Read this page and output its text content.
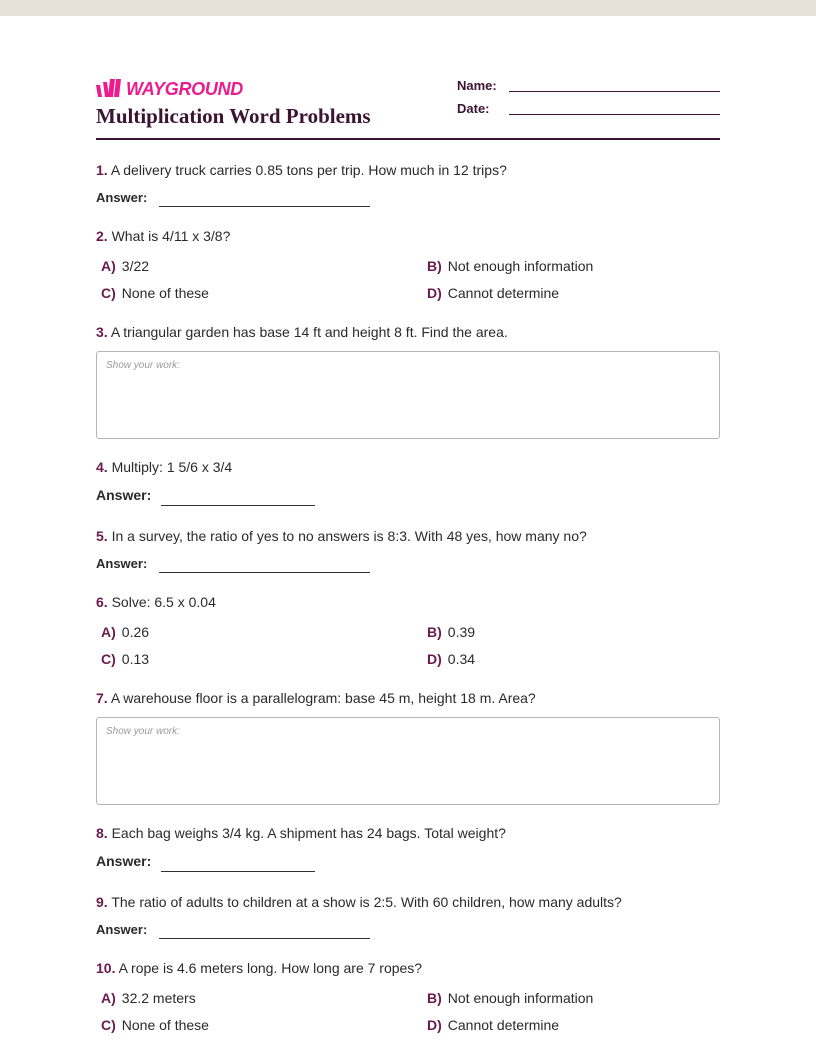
WAYGROUND
Multiplication Word Problems
Name:
Date:
1. A delivery truck carries 0.85 tons per trip. How much in 12 trips?
Answer:
2. What is 4/11 x 3/8?
A) 3/22	B) Not enough information
C) None of these	D) Cannot determine
3. A triangular garden has base 14 ft and height 8 ft. Find the area.
Show your work:
4. Multiply: 1 5/6 x 3/4
Answer:
5. In a survey, the ratio of yes to no answers is 8:3. With 48 yes, how many no?
Answer:
6. Solve: 6.5 x 0.04
A) 0.26	B) 0.39
C) 0.13	D) 0.34
7. A warehouse floor is a parallelogram: base 45 m, height 18 m. Area?
Show your work:
8. Each bag weighs 3/4 kg. A shipment has 24 bags. Total weight?
Answer:
9. The ratio of adults to children at a show is 2:5. With 60 children, how many adults?
Answer:
10. A rope is 4.6 meters long. How long are 7 ropes?
A) 32.2 meters	B) Not enough information
C) None of these	D) Cannot determine
